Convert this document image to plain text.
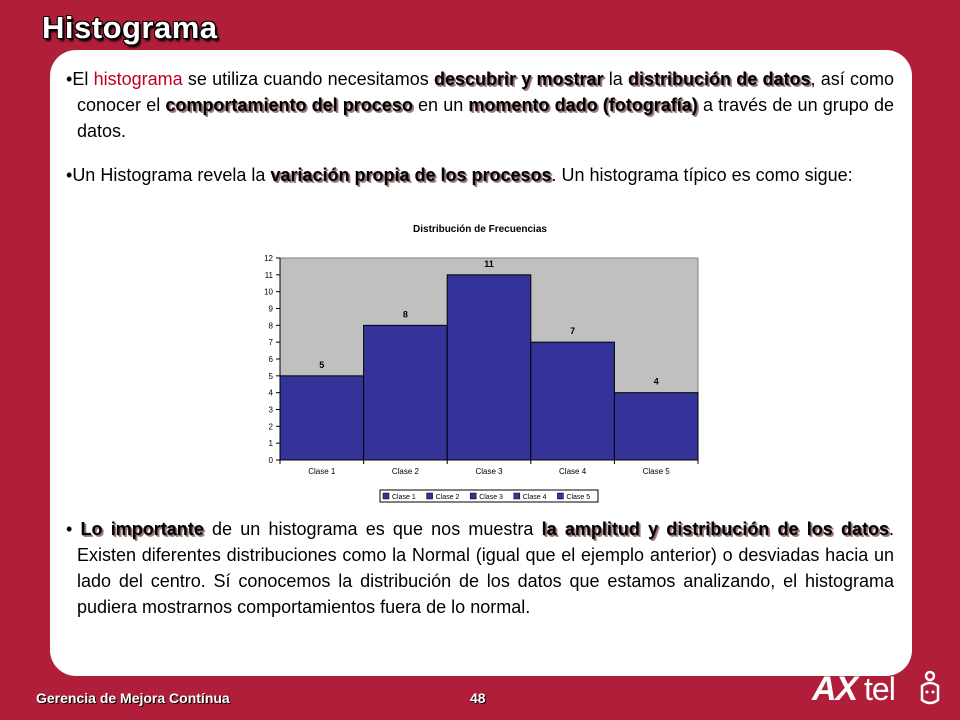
Histograma
•El histograma se utiliza cuando necesitamos descubrir y mostrar la distribución de datos, así como conocer el comportamiento del proceso en un momento dado (fotografía) a través de un grupo de datos.
•Un Histograma revela la variación propia de los procesos. Un histograma típico es como sigue:
Distribución de Frecuencias
0
1
2
3
4
5
6
7
8
9
10
11
12
5
Clase 1
8
Clase 2
11
Clase 3
7
Clase 4
4
Clase 5
Clase 1	Clase 2	Clase 3	Clase 4	Clase 5
• Lo importante de un histograma es que nos muestra la amplitud y distribución de los datos. Existen diferentes distribuciones como la Normal (igual que el ejemplo anterior) o desviadas hacia un lado del centro. Sí conocemos la distribución de los datos que estamos analizando, el histograma pudiera mostrarnos comportamientos fuera de lo normal.
Gerencia de Mejora Contínua	48	AX tel
